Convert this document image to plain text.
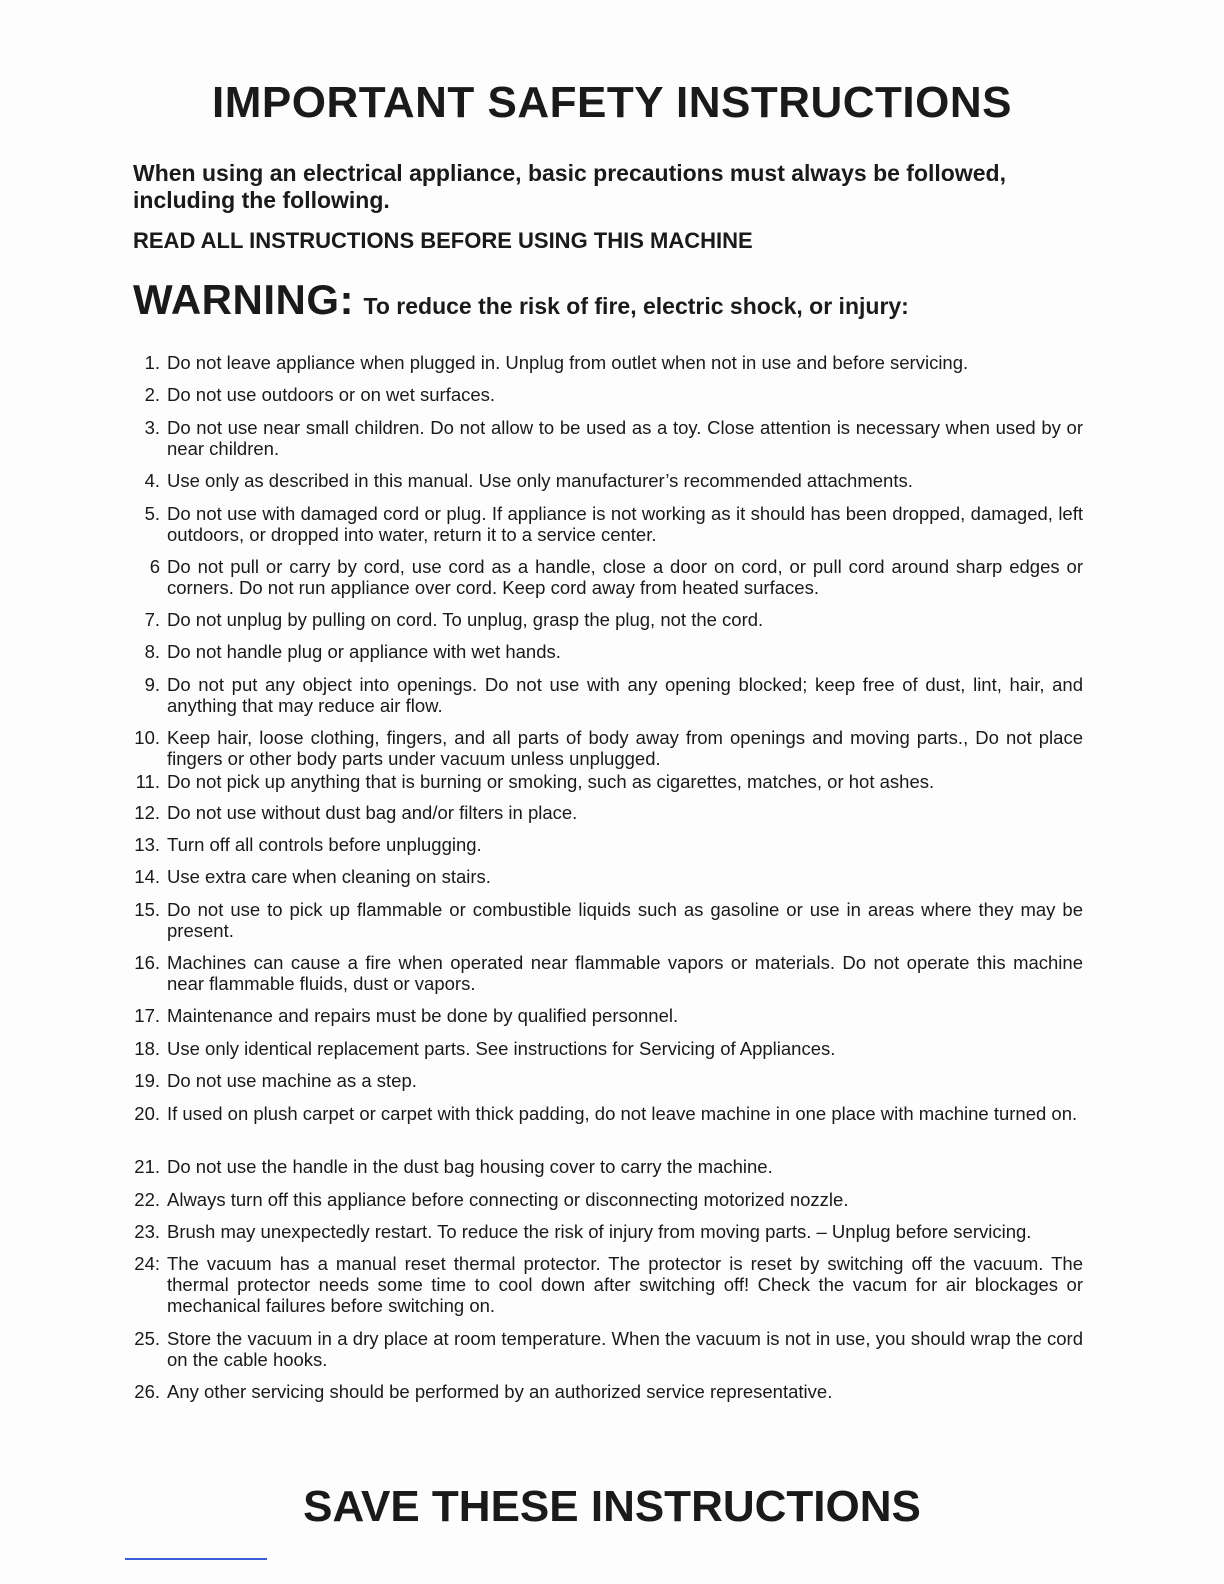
IMPORTANT SAFETY INSTRUCTIONS

When using an electrical appliance, basic precautions must always be followed, including the following.

READ ALL INSTRUCTIONS BEFORE USING THIS MACHINE

WARNING: To reduce the risk of fire, electric shock, or injury:

1. Do not leave appliance when plugged in. Unplug from outlet when not in use and before servicing.
2. Do not use outdoors or on wet surfaces.
3. Do not use near small children. Do not allow to be used as a toy. Close attention is necessary when used by or near children.
4. Use only as described in this manual. Use only manufacturer’s recommended attachments.
5. Do not use with damaged cord or plug. If appliance is not working as it should has been dropped, damaged, left outdoors, or dropped into water, return it to a service center.
6 Do not pull or carry by cord, use cord as a handle, close a door on cord, or pull cord around sharp edges or corners. Do not run appliance over cord. Keep cord away from heated surfaces.
7. Do not unplug by pulling on cord. To unplug, grasp the plug, not the cord.
8. Do not handle plug or appliance with wet hands.
9. Do not put any object into openings. Do not use with any opening blocked; keep free of dust, lint, hair, and anything that may reduce air flow.
10. Keep hair, loose clothing, fingers, and all parts of body away from openings and moving parts., Do not place fingers or other body parts under vacuum unless unplugged.
11. Do not pick up anything that is burning or smoking, such as cigarettes, matches, or hot ashes.
12. Do not use without dust bag and/or filters in place.
13. Turn off all controls before unplugging.
14. Use extra care when cleaning on stairs.
15. Do not use to pick up flammable or combustible liquids such as gasoline or use in areas where they may be present.
16. Machines can cause a fire when operated near flammable vapors or materials. Do not operate this machine near flammable fluids, dust or vapors.
17. Maintenance and repairs must be done by qualified personnel.
18. Use only identical replacement parts. See instructions for Servicing of Appliances.
19. Do not use machine as a step.
20. If used on plush carpet or carpet with thick padding, do not leave machine in one place with machine turned on.
21. Do not use the handle in the dust bag housing cover to carry the machine.
22. Always turn off this appliance before connecting or disconnecting motorized nozzle.
23. Brush may unexpectedly restart. To reduce the risk of injury from moving parts. – Unplug before servicing.
24: The vacuum has a manual reset thermal protector. The protector is reset by switching off the vacuum. The thermal protector needs some time to cool down after switching off! Check the vacum for air blockages or mechanical failures before switching on.
25. Store the vacuum in a dry place at room temperature. When the vacuum is not in use, you should wrap the cord on the cable hooks.
26. Any other servicing should be performed by an authorized service representative.
SAVE THESE INSTRUCTIONS
